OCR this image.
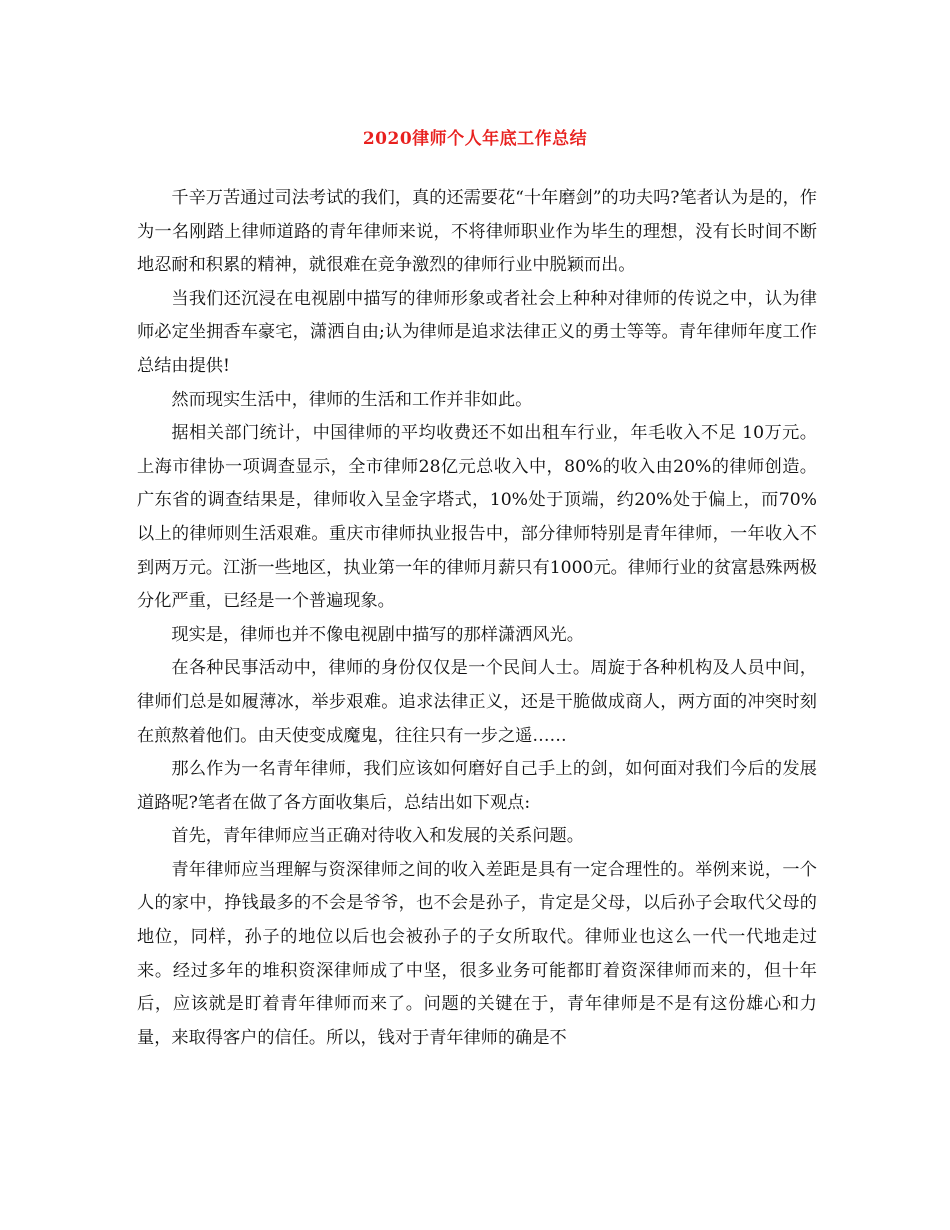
2020律师个人年底工作总结

千辛万苦通过司法考试的我们，真的还需要花“十年磨剑”的功夫吗?笔者认为是的，作为一名刚踏上律师道路的青年律师来说，不将律师职业作为毕生的理想，没有长时间不断地忍耐和积累的精神，就很难在竞争激烈的律师行业中脱颖而出。

当我们还沉浸在电视剧中描写的律师形象或者社会上种种对律师的传说之中，认为律师必定坐拥香车豪宅，潇洒自由;认为律师是追求法律正义的勇士等等。青年律师年度工作总结由提供!

然而现实生活中，律师的生活和工作并非如此。

据相关部门统计，中国律师的平均收费还不如出租车行业，年毛收入不足 10万元。上海市律协一项调查显示，全市律师28亿元总收入中，80%的收入由20%的律师创造。广东省的调查结果是，律师收入呈金字塔式，10%处于顶端，约20%处于偏上，而70%以上的律师则生活艰难。重庆市律师执业报告中，部分律师特别是青年律师，一年收入不到两万元。江浙一些地区，执业第一年的律师月薪只有1000元。律师行业的贫富悬殊两极分化严重，已经是一个普遍现象。

现实是，律师也并不像电视剧中描写的那样潇洒风光。

在各种民事活动中，律师的身份仅仅是一个民间人士。周旋于各种机构及人员中间，律师们总是如履薄冰，举步艰难。追求法律正义，还是干脆做成商人，两方面的冲突时刻在煎熬着他们。由天使变成魔鬼，往往只有一步之遥……

那么作为一名青年律师，我们应该如何磨好自己手上的剑，如何面对我们今后的发展道路呢?笔者在做了各方面收集后，总结出如下观点:

首先，青年律师应当正确对待收入和发展的关系问题。

青年律师应当理解与资深律师之间的收入差距是具有一定合理性的。举例来说，一个人的家中，挣钱最多的不会是爷爷，也不会是孙子，肯定是父母，以后孙子会取代父母的地位，同样，孙子的地位以后也会被孙子的子女所取代。律师业也这么一代一代地走过来。经过多年的堆积资深律师成了中坚，很多业务可能都盯着资深律师而来的，但十年后，应该就是盯着青年律师而来了。问题的关键在于，青年律师是不是有这份雄心和力量，来取得客户的信任。所以，钱对于青年律师的确是不
